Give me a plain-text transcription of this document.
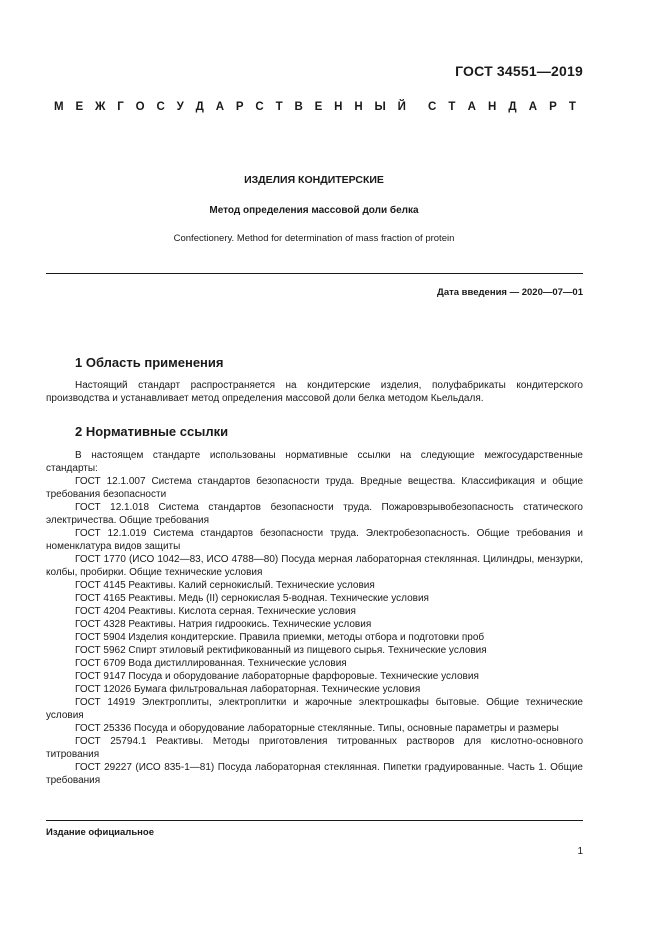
ГОСТ 34551—2019
М Е Ж Г О С У Д А Р С Т В Е Н Н Ы Й С Т А Н Д А Р Т
ИЗДЕЛИЯ КОНДИТЕРСКИЕ
Метод определения массовой доли белка
Confectionery. Method for determination of mass fraction of protein
Дата введения — 2020—07—01
1 Область применения

Настоящий стандарт распространяется на кондитерские изделия, полуфабрикаты кондитерского производства и устанавливает метод определения массовой доли белка методом Кьельдаля.

2 Нормативные ссылки

В настоящем стандарте использованы нормативные ссылки на следующие межгосударственные стандарты:

ГОСТ 12.1.007 Система стандартов безопасности труда. Вредные вещества. Классификация и общие требования безопасности

ГОСТ 12.1.018 Система стандартов безопасности труда. Пожаровзрывобезопасность статического электричества. Общие требования

ГОСТ 12.1.019 Система стандартов безопасности труда. Электробезопасность. Общие требования и номенклатура видов защиты

ГОСТ 1770 (ИСО 1042—83, ИСО 4788—80) Посуда мерная лабораторная стеклянная. Цилиндры, мензурки, колбы, пробирки. Общие технические условия

ГОСТ 4145 Реактивы. Калий сернокислый. Технические условия

ГОСТ 4165 Реактивы. Медь (II) сернокислая 5-водная. Технические условия

ГОСТ 4204 Реактивы. Кислота серная. Технические условия

ГОСТ 4328 Реактивы. Натрия гидроокись. Технические условия

ГОСТ 5904 Изделия кондитерские. Правила приемки, методы отбора и подготовки проб

ГОСТ 5962 Спирт этиловый ректификованный из пищевого сырья. Технические условия

ГОСТ 6709 Вода дистиллированная. Технические условия

ГОСТ 9147 Посуда и оборудование лабораторные фарфоровые. Технические условия

ГОСТ 12026 Бумага фильтровальная лабораторная. Технические условия

ГОСТ 14919 Электроплиты, электроплитки и жарочные электрошкафы бытовые. Общие технические условия

ГОСТ 25336 Посуда и оборудование лабораторные стеклянные. Типы, основные параметры и размеры

ГОСТ 25794.1 Реактивы. Методы приготовления титрованных растворов для кислотно-основного титрования

ГОСТ 29227 (ИСО 835-1—81) Посуда лабораторная стеклянная. Пипетки градуированные. Часть 1. Общие требования

Издание официальное
1
